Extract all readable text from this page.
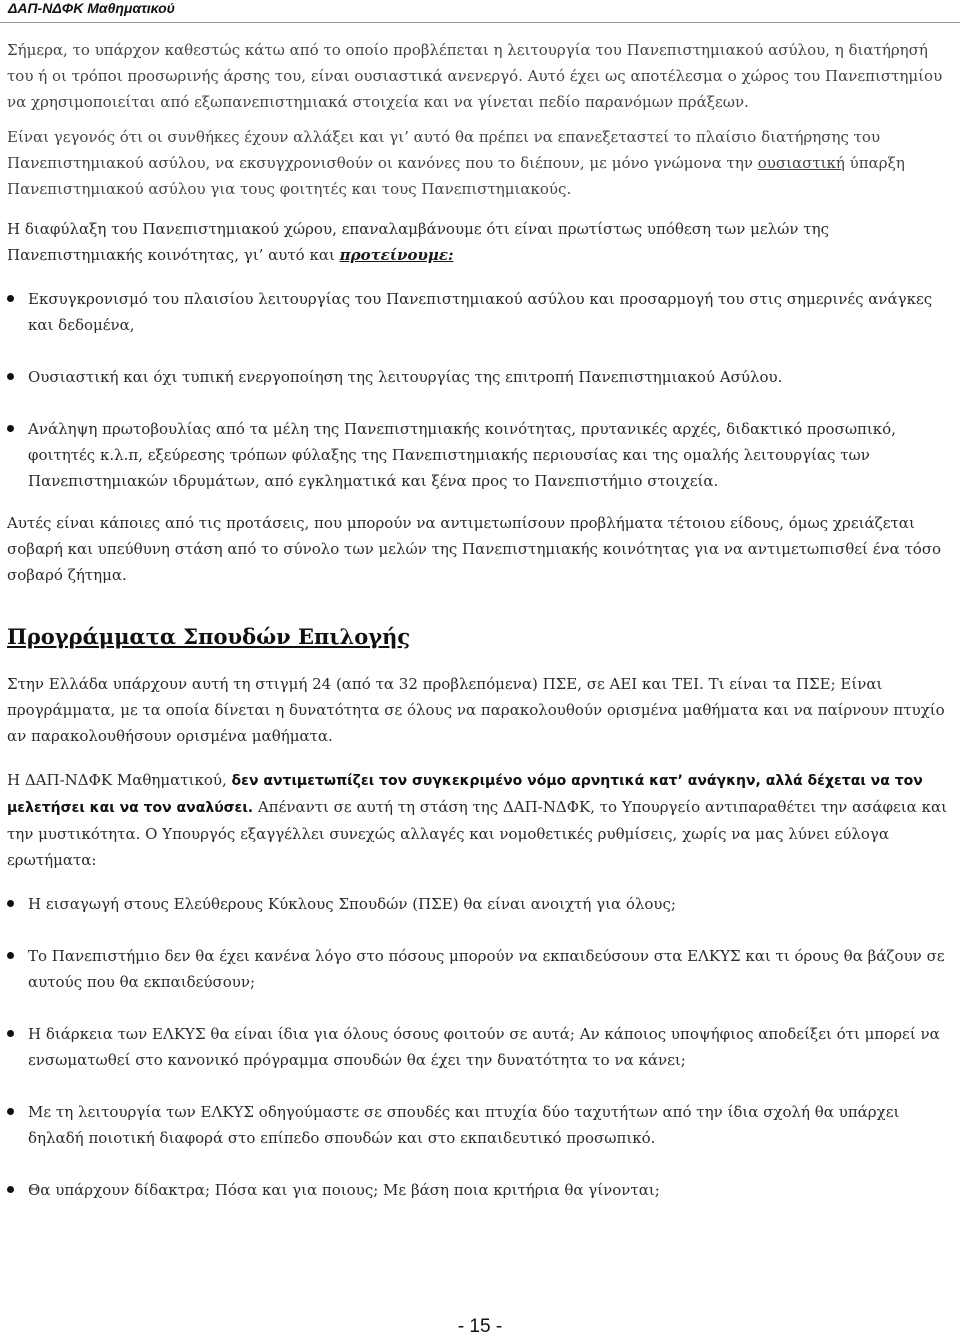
ΔΑΠ-ΝΔΦΚ Μαθηματικού

Σήμερα, το υπάρχον καθεστώς κάτω από το οποίο προβλέπεται η λειτουργία του Πανεπιστημιακού ασύλου, η διατήρησή του ή οι τρόποι προσωρινής άρσης του, είναι ουσιαστικά ανενεργό. Αυτό έχει ως αποτέλεσμα ο χώρος του Πανεπιστημίου να χρησιμοποιείται από εξωπανεπιστημιακά στοιχεία και να γίνεται πεδίο παρανόμων πράξεων.

Είναι γεγονός ότι οι συνθήκες έχουν αλλάξει και γι’ αυτό θα πρέπει να επανεξεταστεί το πλαίσιο διατήρησης του Πανεπιστημιακού ασύλου, να εκσυγχρονισθούν οι κανόνες που το διέπουν, με μόνο γνώμονα την ουσιαστική ύπαρξη Πανεπιστημιακού ασύλου για τους φοιτητές και τους Πανεπιστημιακούς.

Η διαφύλαξη του Πανεπιστημιακού χώρου, επαναλαμβάνουμε ότι είναι πρωτίστως υπόθεση των μελών της Πανεπιστημιακής κοινότητας, γι’ αυτό και προτείνουμε:

Εκσυγκρονισμό του πλαισίου λειτουργίας του Πανεπιστημιακού ασύλου και προσαρμογή του στις σημερινές ανάγκες και δεδομένα,
Ουσιαστική και όχι τυπική ενεργοποίηση της λειτουργίας της επιτροπή Πανεπιστημιακού Ασύλου.
Ανάληψη πρωτοβουλίας από τα μέλη της Πανεπιστημιακής κοινότητας, πρυτανικές αρχές, διδακτικό προσωπικό, φοιτητές κ.λ.π, εξεύρεσης τρόπων φύλαξης της Πανεπιστημιακής περιουσίας και της ομαλής λειτουργίας των Πανεπιστημιακών ιδρυμάτων, από εγκληματικά και ξένα προς το Πανεπιστήμιο στοιχεία.

Αυτές είναι κάποιες από τις προτάσεις, που μπορούν να αντιμετωπίσουν προβλήματα τέτοιου είδους, όμως χρειάζεται σοβαρή και υπεύθυνη στάση από το σύνολο των μελών της Πανεπιστημιακής κοινότητας για να αντιμετωπισθεί ένα τόσο σοβαρό ζήτημα.

Προγράμματα Σπουδών Επιλογής

Στην Ελλάδα υπάρχουν αυτή τη στιγμή 24 (από τα 32 προβλεπόμενα) ΠΣΕ, σε ΑΕΙ και ΤΕΙ. Τι είναι τα ΠΣΕ; Είναι προγράμματα, με τα οποία δίνεται η δυνατότητα σε όλους να παρακολουθούν ορισμένα μαθήματα και να παίρνουν πτυχίο αν παρακολουθήσουν ορισμένα μαθήματα.

Η ΔΑΠ-ΝΔΦΚ Μαθηματικού, δεν αντιμετωπίζει τον συγκεκριμένο νόμο αρνητικά κατ’ ανάγκην, αλλά δέχεται να τον μελετήσει και να τον αναλύσει. Απέναντι σε αυτή τη στάση της ΔΑΠ-ΝΔΦΚ, το Υπουργείο αντιπαραθέτει την ασάφεια και την μυστικότητα. Ο Υπουργός εξαγγέλλει συνεχώς αλλαγές και νομοθετικές ρυθμίσεις, χωρίς να μας λύνει εύλογα ερωτήματα:

Η εισαγωγή στους Ελεύθερους Κύκλους Σπουδών (ΠΣΕ) θα είναι ανοιχτή για όλους;
Το Πανεπιστήμιο δεν θα έχει κανένα λόγο στο πόσους μπορούν να εκπαιδεύσουν στα ΕΛΚΥΣ και τι όρους θα βάζουν σε αυτούς που θα εκπαιδεύσουν;
Η διάρκεια των ΕΛΚΥΣ θα είναι ίδια για όλους όσους φοιτούν σε αυτά; Αν κάποιος υποψήφιος αποδείξει ότι μπορεί να ενσωματωθεί στο κανονικό πρόγραμμα σπουδών θα έχει την δυνατότητα το να κάνει;
Με τη λειτουργία των ΕΛΚΥΣ οδηγούμαστε σε σπουδές και πτυχία δύο ταχυτήτων από την ίδια σχολή θα υπάρχει δηλαδή ποιοτική διαφορά στο επίπεδο σπουδών και στο εκπαιδευτικό προσωπικό.
Θα υπάρχουν δίδακτρα; Πόσα και για ποιους; Με βάση ποια κριτήρια θα γίνονται;
- 15 -
